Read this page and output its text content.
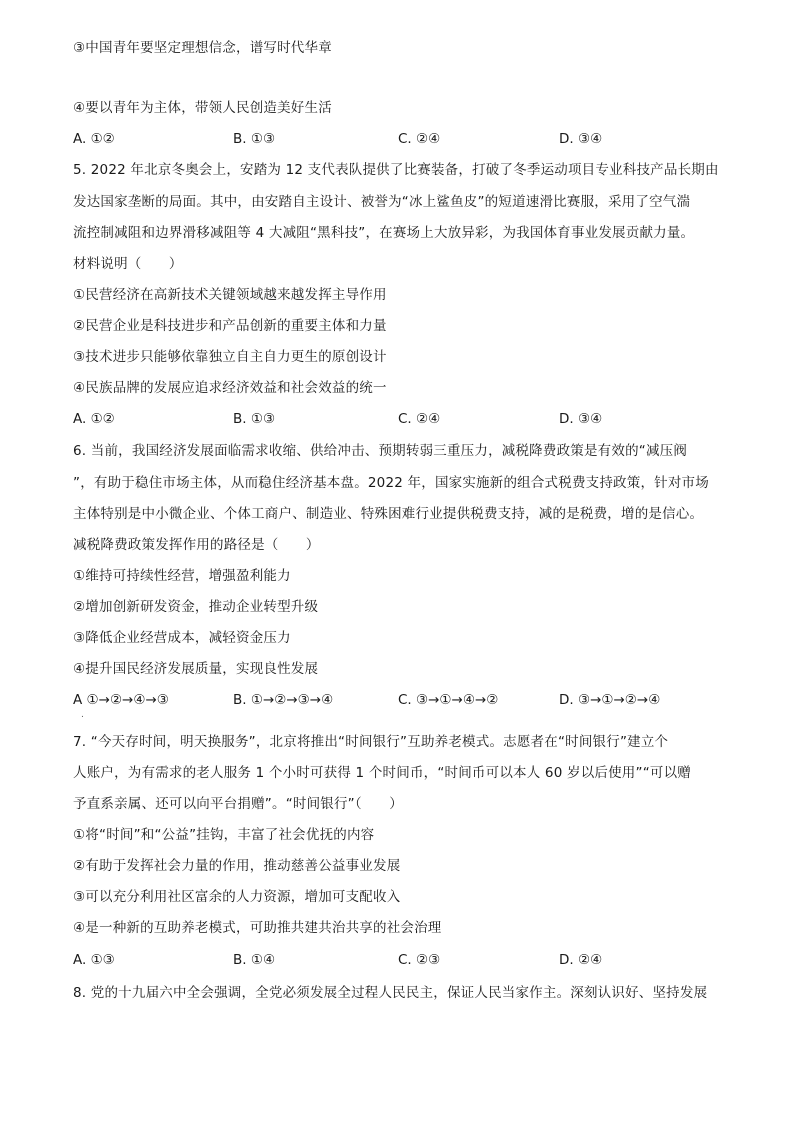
③中国青年要坚定理想信念，谱写时代华章
④要以青年为主体，带领人民创造美好生活
A. ①②	B. ①③	C. ②④	D. ③④
5. 2022 年北京冬奥会上，安踏为 12 支代表队提供了比赛装备，打破了冬季运动项目专业科技产品长期由
发达国家垄断的局面。其中，由安踏自主设计、被誉为“冰上鲨鱼皮”的短道速滑比赛服，采用了空气湍
流控制减阻和边界滑移减阻等 4 大减阻“黑科技”，在赛场上大放异彩，为我国体育事业发展贡献力量。
材料说明（　　）
①民营经济在高新技术关键领域越来越发挥主导作用
②民营企业是科技进步和产品创新的重要主体和力量
③技术进步只能够依靠独立自主自力更生的原创设计
④民族品牌的发展应追求经济效益和社会效益的统一
A. ①②	B. ①③	C. ②④	D. ③④
6. 当前，我国经济发展面临需求收缩、供给冲击、预期转弱三重压力，减税降费政策是有效的“减压阀
”，有助于稳住市场主体，从而稳住经济基本盘。2022 年，国家实施新的组合式税费支持政策，针对市场
主体特别是中小微企业、个体工商户、制造业、特殊困难行业提供税费支持，减的是税费，增的是信心。
减税降费政策发挥作用的路径是（　　）
①维持可持续性经营，增强盈利能力
②增加创新研发资金，推动企业转型升级
③降低企业经营成本，减轻资金压力
④提升国民经济发展质量，实现良性发展
A ①→②→④→③	B. ①→②→③→④	C. ③→①→④→②	D. ③→①→②→④
.
7. “今天存时间，明天换服务”，北京将推出“时间银行”互助养老模式。志愿者在“时间银行”建立个
人账户，为有需求的老人服务 1 个小时可获得 1 个时间币，“时间币可以本人 60 岁以后使用”“可以赠
予直系亲属、还可以向平台捐赠”。“时间银行”（　　）
①将“时间”和“公益”挂钩，丰富了社会优抚的内容
②有助于发挥社会力量的作用，推动慈善公益事业发展
③可以充分利用社区富余的人力资源，增加可支配收入
④是一种新的互助养老模式，可助推共建共治共享的社会治理
A. ①③	B. ①④	C. ②③	D. ②④
8. 党的十九届六中全会强调，全党必须发展全过程人民民主，保证人民当家作主。深刻认识好、坚持发展
